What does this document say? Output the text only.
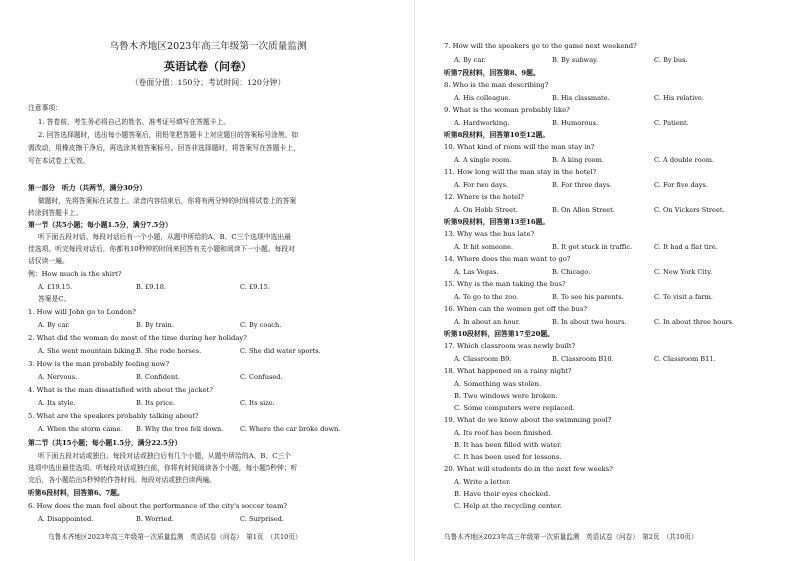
乌鲁木齐地区2023年高三年级第一次质量监测
英语试卷（问卷）
（卷面分值：150分；考试时间：120分钟）
注意事项：
1. 答卷前，考生务必将自己的姓名、准考证号填写在答题卡上。
2. 回答选择题时，选出每小题答案后，用铅笔把答题卡上对应题目的答案标号涂黑。如
需改动，用橡皮擦干净后，再选涂其他答案标号。回答非选择题时，将答案写在答题卡上，
写在本试卷上无效。
第一部分　听力（共两节，满分30分）
做题时，先将答案标在试卷上。录音内容结束后，你将有两分钟的时间将试卷上的答案
转涂到答题卡上。
第一节（共5小题；每小题1.5分，满分7.5分）
听下面五段对话。每段对话后有一个小题，从题中所给的A、B、C三个选项中选出最
佳选项。听完每段对话后，你都有10秒钟的时间来回答有关小题和阅读下一小题。每段对
话仅读一遍。
例：How much is the shirt?
A. £19.15.	B. £9.18.	C. £9.15.
答案是C。
1. How will John go to London?
A. By car.	B. By train.	C. By coach.
2. What did the woman do most of the time during her holiday?
A. She went mountain biking. B. She rode horses.	C. She did water sports.
3. How is the man probably feeling now?
A. Nervous.	B. Confident.	C. Confused.
4. What is the man dissatisfied with about the jacket?
A. Its style.	B. Its price.	C. Its size.
5. What are the speakers probably talking about?
A. When the storm came. B. Why the tree fell down.	C. Where the car broke down.
第二节（共15小题；每小题1.5分，满分22.5分）
听下面五段对话或独白。每段对话或独白后有几个小题，从题中所给的A、B、C三个
选项中选出最佳选项。听每段对话或独白前，你将有时间阅读各个小题，每小题5秒钟；听
完后，各小题给出5秒钟的作答时间。每段对话或独白读两遍。
听第6段材料，回答第6、7题。
6. How does the man feel about the performance of the city's soccer team?
A. Disappointed.	B. Worried.	C. Surprised.
乌鲁木齐地区2023年高三年级第一次质量监测　英语试卷（问卷）　第1页　（共10页）
7. How will the speakers go to the game next weekend?
A. By car.	B. By subway.	C. By bus.
听第7段材料，回答第8、9题。
8. Who is the man describing?
A. His colleague.	B. His classmate.	C. His relative.
9. What is the woman probably like?
A. Hardworking.	B. Humorous.	C. Patient.
听第8段材料，回答第10至12题。
10. What kind of room will the man stay in?
A. A single room.	B. A king room.	C. A double room.
11. How long will the man stay in the hotel?
A. For two days.	B. For three days.	C. For five days.
12. Where is the hotel?
A. On Hobb Street.	B. On Allen Street.	C. On Vickers Street.
听第9段材料，回答第13至16题。
13. Why was the bus late?
A. It hit someone.	B. It got stuck in traffic.	C. It had a flat tire.
14. Where does the man want to go?
A. Las Vegas.	B. Chicago.	C. New York City.
15. Why is the man taking the bus?
A. To go to the zoo.	B. To see his parents.	C. To visit a farm.
16. When can the women get off the bus?
A. In about an hour.	B. In about two hours.	C. In about three hours.
听第10段材料，回答第17至20题。
17. Which classroom was newly built?
A. Classroom B9.	B. Classroom B10.	C. Classroom B11.
18. What happened on a rainy night?
A. Something was stolen.
B. Two windows were broken.
C. Some computers were replaced.
19. What do we know about the swimming pool?
A. Its roof has been finished.
B. It has been filled with water.
C. It has been used for lessons.
20. What will students do in the next few weeks?
A. Write a letter.
B. Have their eyes checked.
C. Help at the recycling center.
乌鲁木齐地区2023年高三年级第一次质量监测　英语试卷（问卷）　第2页　（共10页）
